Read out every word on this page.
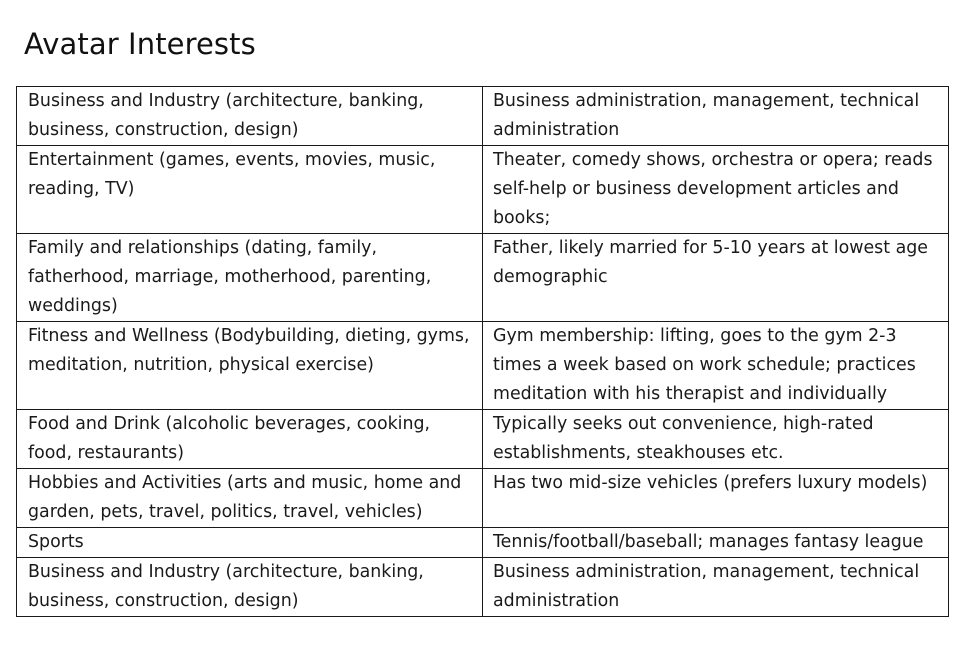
Avatar Interests
Business and Industry (architecture, banking, business, construction, design)	Business administration, management, technical administration
Entertainment (games, events, movies, music, reading, TV)	Theater, comedy shows, orchestra or opera; reads self-help or business development articles and books;
Family and relationships (dating, family, fatherhood, marriage, motherhood, parenting, weddings)	Father, likely married for 5-10 years at lowest age demographic
Fitness and Wellness (Bodybuilding, dieting, gyms, meditation, nutrition, physical exercise)	Gym membership: lifting, goes to the gym 2-3 times a week based on work schedule; practices meditation with his therapist and individually
Food and Drink (alcoholic beverages, cooking, food, restaurants)	Typically seeks out convenience, high-rated establishments, steakhouses etc.
Hobbies and Activities (arts and music, home and garden, pets, travel, politics, travel, vehicles)	Has two mid-size vehicles (prefers luxury models)
Sports	Tennis/football/baseball; manages fantasy league
Business and Industry (architecture, banking, business, construction, design)	Business administration, management, technical administration
